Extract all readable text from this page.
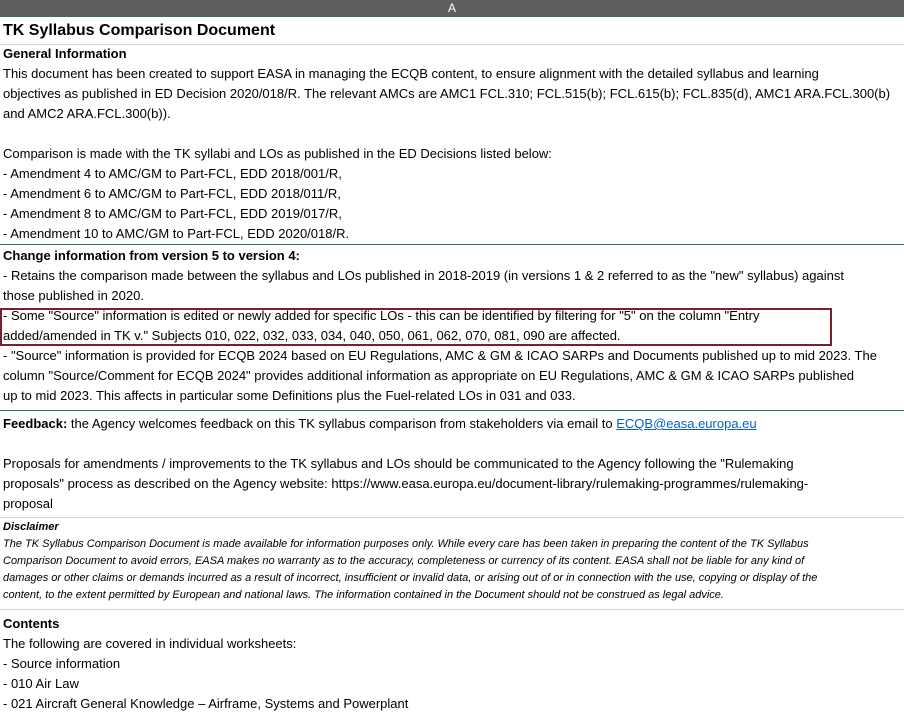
A
TK Syllabus Comparison Document
General Information
This document has been created to support EASA in managing the ECQB content, to ensure alignment with the detailed syllabus and learning
objectives as published in ED Decision 2020/018/R. The relevant AMCs are AMC1 FCL.310; FCL.515(b); FCL.615(b); FCL.835(d), AMC1 ARA.FCL.300(b)
and AMC2 ARA.FCL.300(b)).

Comparison is made with the TK syllabi and LOs as published in the ED Decisions listed below:
- Amendment 4 to AMC/GM to Part-FCL, EDD 2018/001/R,
- Amendment 6 to AMC/GM to Part-FCL, EDD 2018/011/R,
- Amendment 8 to AMC/GM to Part-FCL, EDD 2019/017/R,
- Amendment 10 to AMC/GM to Part-FCL, EDD 2020/018/R.
Change information from version 5 to version 4:
- Retains the comparison made between the syllabus and LOs published in 2018-2019 (in versions 1 & 2 referred to as the "new" syllabus) against
those published in 2020.
- Some "Source" information is edited or newly added for specific LOs - this can be identified by filtering for "5" on the column "Entry
added/amended in TK v." Subjects 010, 022, 032, 033, 034, 040, 050, 061, 062, 070, 081, 090 are affected.
- "Source" information is provided for ECQB 2024 based on EU Regulations, AMC & GM & ICAO SARPs and Documents published up to mid 2023. The
column "Source/Comment for ECQB 2024" provides additional information as appropriate on EU Regulations, AMC & GM & ICAO SARPs published
up to mid 2023. This affects in particular some Definitions plus the Fuel-related LOs in 031 and 033.
Feedback: the Agency welcomes feedback on this TK syllabus comparison from stakeholders via email to ECQB@easa.europa.eu

Proposals for amendments / improvements to the TK syllabus and LOs should be communicated to the Agency following the "Rulemaking
proposals" process as described on the Agency website: https://www.easa.europa.eu/document-library/rulemaking-programmes/rulemaking-
proposal
Disclaimer
The TK Syllabus Comparison Document is made available for information purposes only. While every care has been taken in preparing the content of the TK Syllabus
Comparison Document to avoid errors, EASA makes no warranty as to the accuracy, completeness or currency of its content. EASA shall not be liable for any kind of
damages or other claims or demands incurred as a result of incorrect, insufficient or invalid data, or arising out of or in connection with the use, copying or display of the
content, to the extent permitted by European and national laws. The information contained in the Document should not be construed as legal advice.
Contents
The following are covered in individual worksheets:
- Source information
- 010 Air Law
- 021 Aircraft General Knowledge – Airframe, Systems and Powerplant
